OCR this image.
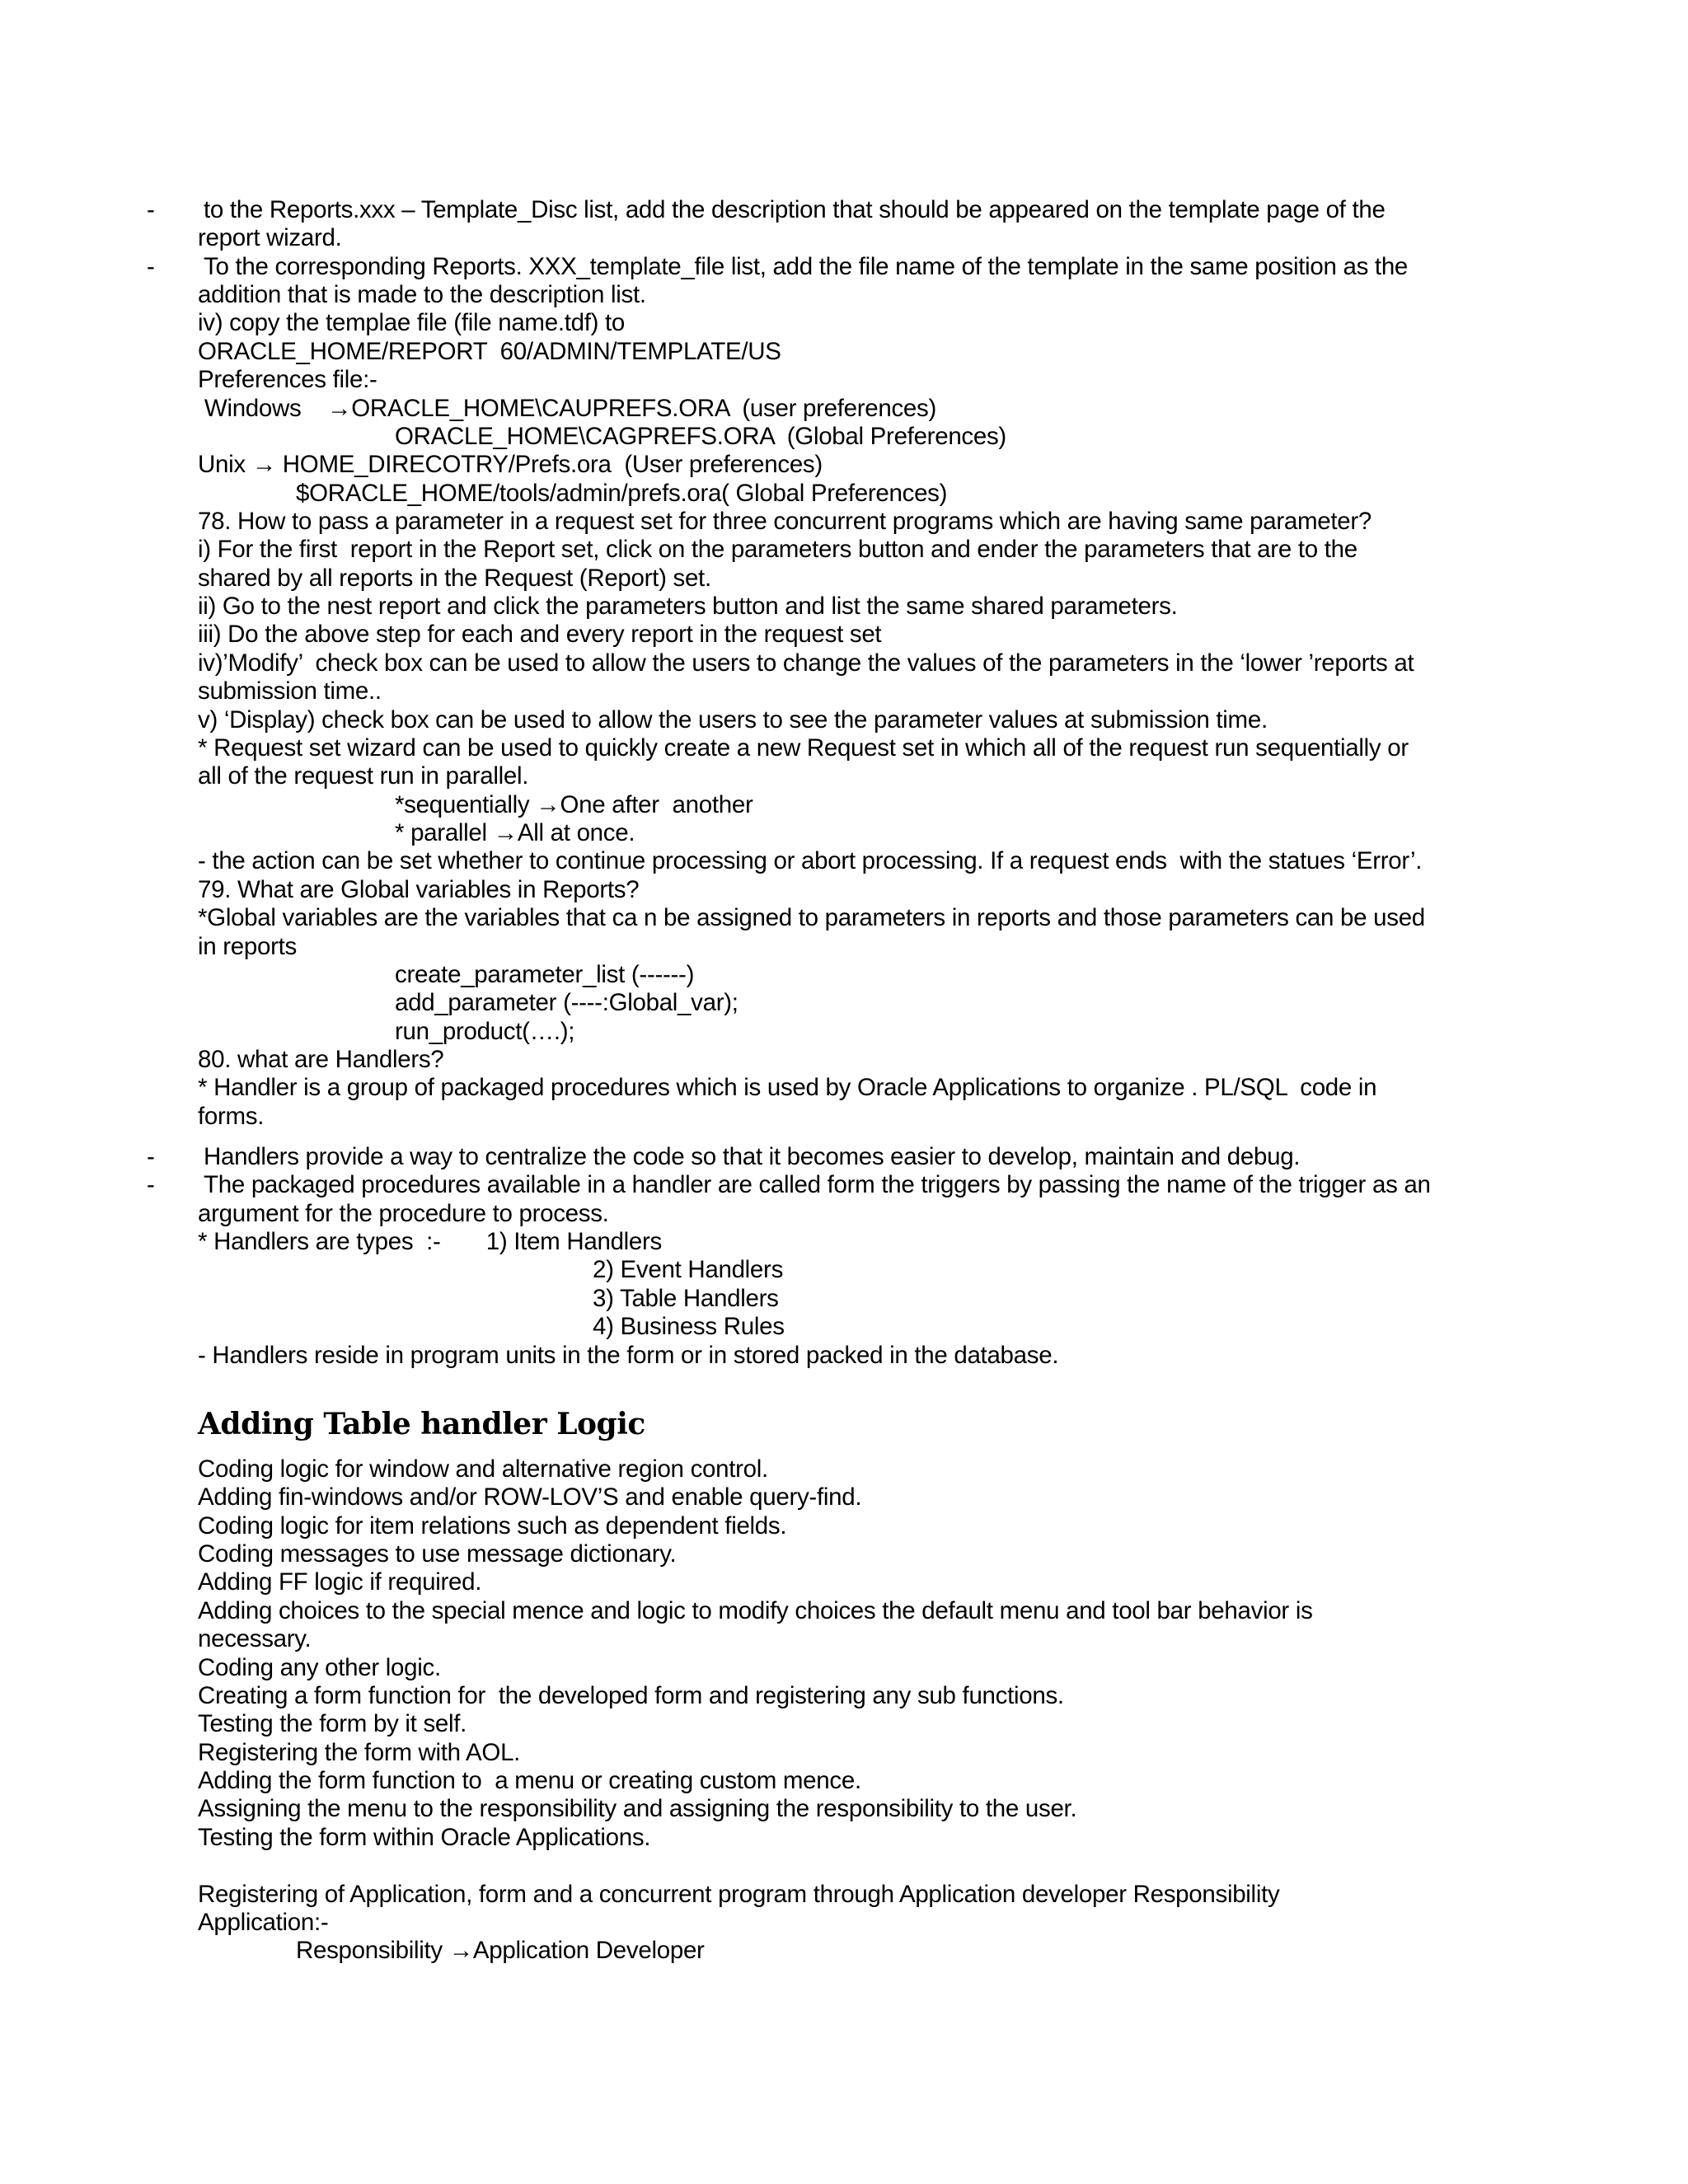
-
-
-
-
to the Reports.xxx – Template_Disc list, add the description that should be appeared on the template page of the
report wizard.
To the corresponding Reports. XXX_template_file list, add the file name of the template in the same position as the
addition that is made to the description list.
iv) copy the templae file (file name.tdf) to
ORACLE_HOME/REPORT  60/ADMIN/TEMPLATE/US
Preferences file:-
Windows    →ORACLE_HOME\CAUPREFS.ORA  (user preferences)
ORACLE_HOME\CAGPREFS.ORA  (Global Preferences)
Unix → HOME_DIRECOTRY/Prefs.ora  (User preferences)
$ORACLE_HOME/tools/admin/prefs.ora( Global Preferences)
78. How to pass a parameter in a request set for three concurrent programs which are having same parameter?
i) For the first  report in the Report set, click on the parameters button and ender the parameters that are to the
shared by all reports in the Request (Report) set.
ii) Go to the nest report and click the parameters button and list the same shared parameters.
iii) Do the above step for each and every report in the request set
iv)’Modify’  check box can be used to allow the users to change the values of the parameters in the ‘lower ’reports at
submission time..
v) ‘Display) check box can be used to allow the users to see the parameter values at submission time.
* Request set wizard can be used to quickly create a new Request set in which all of the request run sequentially or
all of the request run in parallel.
*sequentially →One after  another
* parallel →All at once.
- the action can be set whether to continue processing or abort processing. If a request ends  with the statues ‘Error’.
79. What are Global variables in Reports?
*Global variables are the variables that ca n be assigned to parameters in reports and those parameters can be used
in reports
create_parameter_list (------)
add_parameter (----:Global_var);
run_product(….);
80. what are Handlers?
* Handler is a group of packaged procedures which is used by Oracle Applications to organize . PL/SQL  code in
forms.
Handlers provide a way to centralize the code so that it becomes easier to develop, maintain and debug.
The packaged procedures available in a handler are called form the triggers by passing the name of the trigger as an
argument for the procedure to process.
* Handlers are types  :-       1) Item Handlers
2) Event Handlers
3) Table Handlers
4) Business Rules
- Handlers reside in program units in the form or in stored packed in the database.
Adding Table handler Logic
Coding logic for window and alternative region control.
Adding fin-windows and/or ROW-LOV’S and enable query-find.
Coding logic for item relations such as dependent fields.
Coding messages to use message dictionary.
Adding FF logic if required.
Adding choices to the special mence and logic to modify choices the default menu and tool bar behavior is
necessary.
Coding any other logic.
Creating a form function for  the developed form and registering any sub functions.
Testing the form by it self.
Registering the form with AOL.
Adding the form function to  a menu or creating custom mence.
Assigning the menu to the responsibility and assigning the responsibility to the user.
Testing the form within Oracle Applications.
Registering of Application, form and a concurrent program through Application developer Responsibility
Application:-
Responsibility →Application Developer
